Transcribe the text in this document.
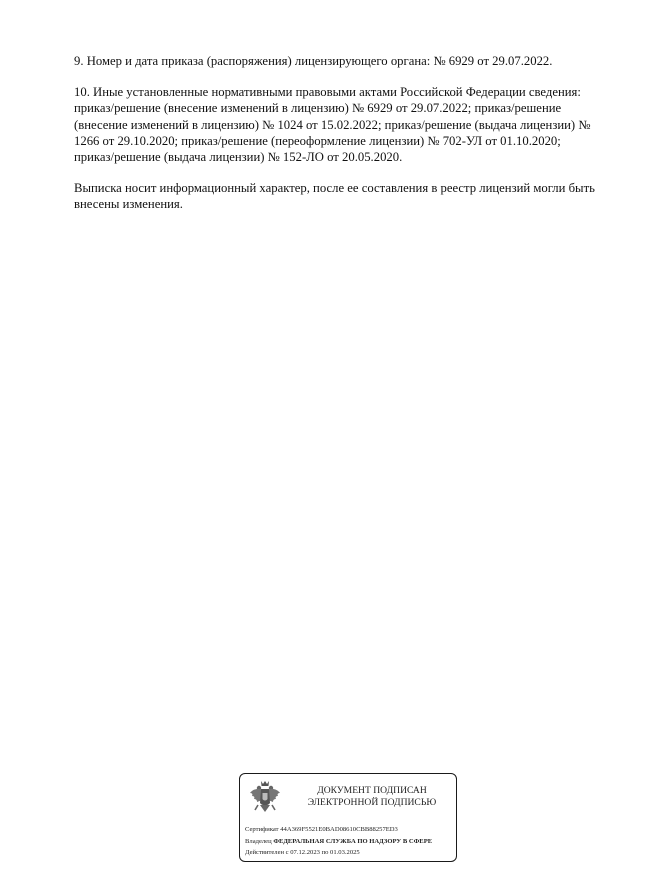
9. Номер и дата приказа (распоряжения) лицензирующего органа: № 6929 от 29.07.2022.

10. Иные установленные нормативными правовыми актами Российской Федерации сведения:
приказ/решение (внесение изменений в лицензию) № 6929 от 29.07.2022; приказ/решение
(внесение изменений в лицензию) № 1024 от 15.02.2022; приказ/решение (выдача лицензии) №
1266 от 29.10.2020; приказ/решение (переоформление лицензии) № 702-УЛ от 01.10.2020;
приказ/решение (выдача лицензии) № 152-ЛО от 20.05.2020.

Выписка носит информационный характер, после ее составления в реестр лицензий могли быть
внесены изменения.

ДОКУМЕНТ ПОДПИСАН
ЭЛЕКТРОННОЙ ПОДПИСЬЮ
Сертификат 44A369F5521E0BAD08610CBB88257ED3
Владелец ФЕДЕРАЛЬНАЯ СЛУЖБА ПО НАДЗОРУ В СФЕРЕ
Действителен с 07.12.2023 по 01.03.2025
